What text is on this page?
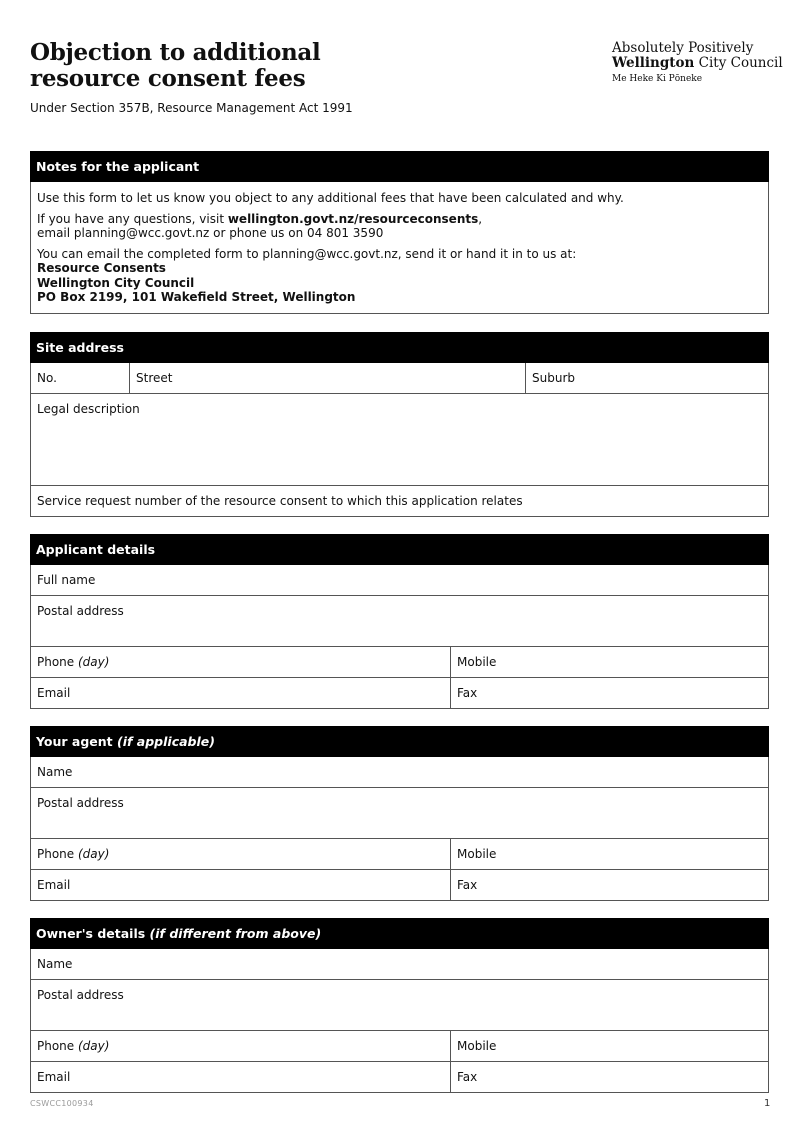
Objection to additional
resource consent fees
Under Section 357B, Resource Management Act 1991
Absolutely Positively
Wellington City Council
Me Heke Ki Pōneke
Notes for the applicant

Use this form to let us know you object to any additional fees that have been calculated and why.

If you have any questions, visit wellington.govt.nz/resourceconsents,
email planning@wcc.govt.nz or phone us on 04 801 3590

You can email the completed form to planning@wcc.govt.nz, send it or hand it in to us at:
Resource Consents
Wellington City Council
PO Box 2199, 101 Wakefield Street, Wellington

Site address
No.	Street	Suburb
Legal description
Service request number of the resource consent to which this application relates
Applicant details
Full name
Postal address
Phone (day)	Mobile
Email	Fax
Your agent (if applicable)
Name
Postal address
Phone (day)	Mobile
Email	Fax
Owner's details (if different from above)
Name
Postal address
Phone (day)	Mobile
Email	Fax
CSWCC100934	1
